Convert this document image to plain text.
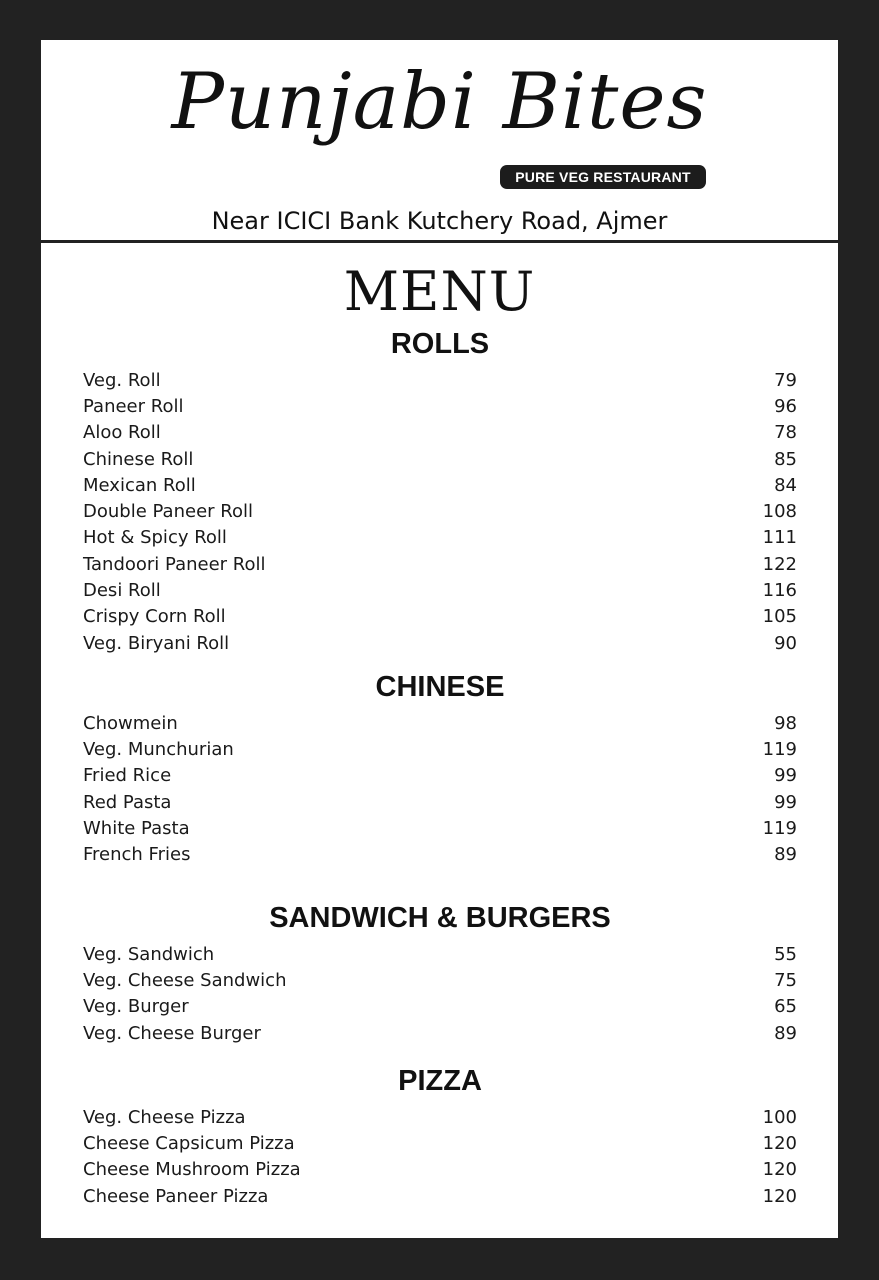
Punjabi Bites
PURE VEG RESTAURANT
Near ICICI Bank Kutchery Road, Ajmer
MENU
ROLLS
Veg. Roll	79
Paneer Roll	96
Aloo Roll	78
Chinese Roll	85
Mexican Roll	84
Double Paneer Roll	108
Hot & Spicy Roll	111
Tandoori Paneer Roll	122
Desi Roll	116
Crispy Corn Roll	105
Veg. Biryani Roll	90
CHINESE
Chowmein	98
Veg. Munchurian	119
Fried Rice	99
Red Pasta	99
White Pasta	119
French Fries	89
SANDWICH & BURGERS
Veg. Sandwich	55
Veg. Cheese Sandwich	75
Veg. Burger	65
Veg. Cheese Burger	89
PIZZA
Veg. Cheese Pizza	100
Cheese Capsicum Pizza	120
Cheese Mushroom Pizza	120
Cheese Paneer Pizza	120
